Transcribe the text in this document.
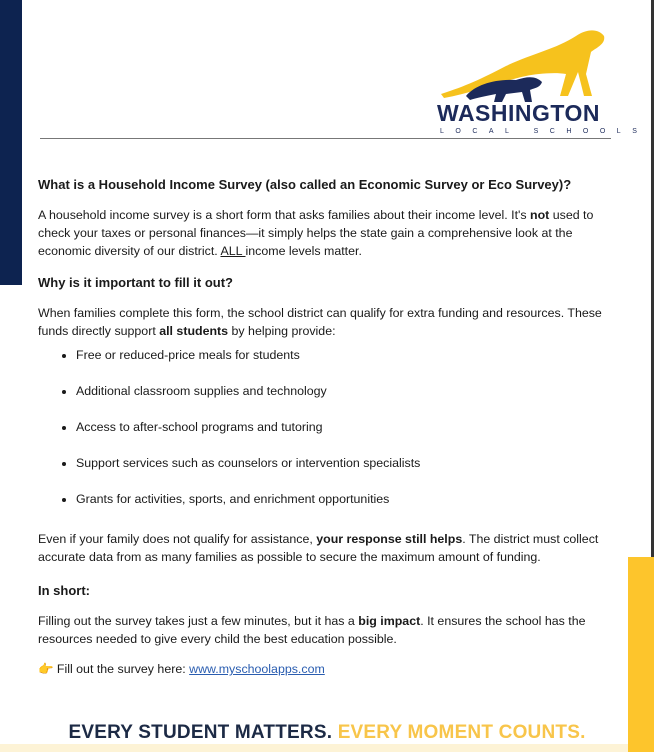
WASHINGTON
LOCAL SCHOOLS
What is a Household Income Survey (also called an Economic Survey or Eco Survey)?

A household income survey is a short form that asks families about their income level. It's not used to check your taxes or personal finances—it simply helps the state gain a comprehensive look at the economic diversity of our district. ALL income levels matter.

Why is it important to fill it out?

When families complete this form, the school district can qualify for extra funding and resources. These funds directly support all students by helping provide:

• Free or reduced-price meals for students
• Additional classroom supplies and technology
• Access to after-school programs and tutoring
• Support services such as counselors or intervention specialists
• Grants for activities, sports, and enrichment opportunities

Even if your family does not qualify for assistance, your response still helps. The district must collect accurate data from as many families as possible to secure the maximum amount of funding.

In short:

Filling out the survey takes just a few minutes, but it has a big impact. It ensures the school has the resources needed to give every child the best education possible.

👉 Fill out the survey here: www.myschoolapps.com

EVERY STUDENT MATTERS. EVERY MOMENT COUNTS.
